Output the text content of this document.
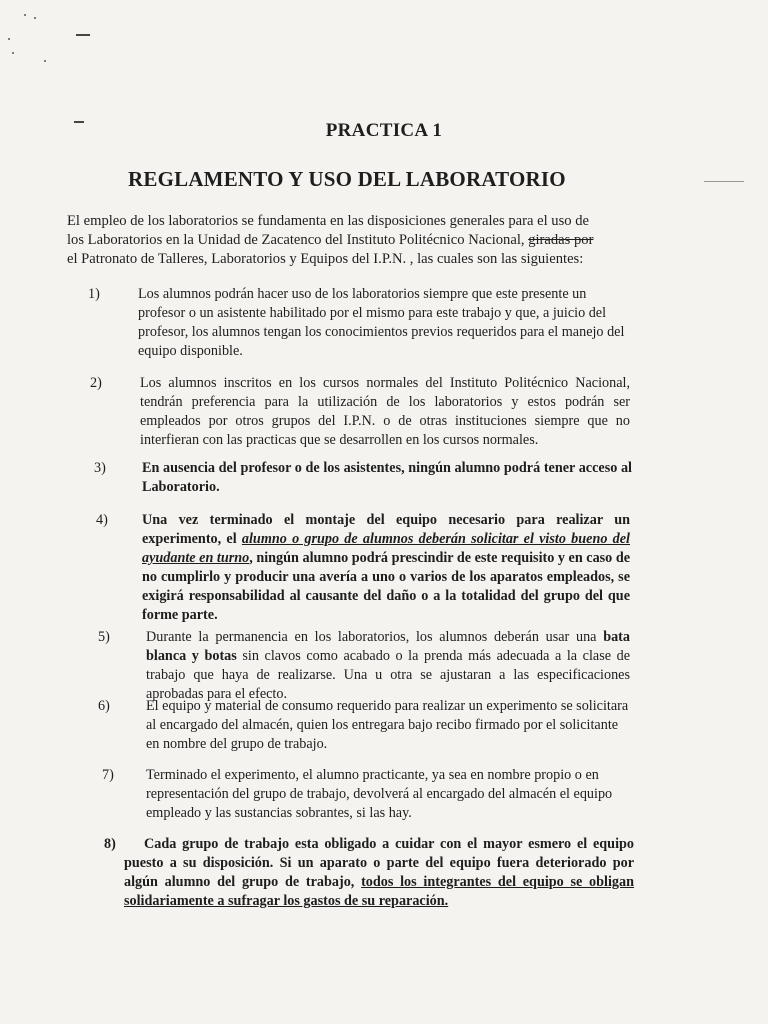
PRACTICA 1
REGLAMENTO Y USO DEL LABORATORIO

El empleo de los laboratorios se fundamenta en las disposiciones generales para el uso de
los Laboratorios en la Unidad de Zacatenco del Instituto Politécnico Nacional, giradas por
el Patronato de Talleres, Laboratorios y Equipos del I.P.N. , las cuales son las siguientes:

1)	Los alumnos podrán hacer uso de los laboratorios siempre que este presente un profesor o un asistente habilitado por el mismo para este trabajo y que, a juicio del profesor, los alumnos tengan los conocimientos previos requeridos para el manejo del equipo disponible.
2)	Los alumnos inscritos en los cursos normales del Instituto Politécnico Nacional, tendrán preferencia para la utilización de los laboratorios y estos podrán ser empleados por otros grupos del I.P.N. o de otras instituciones siempre que no interfieran con las practicas que se desarrollen en los cursos normales.
3)	En ausencia del profesor o de los asistentes, ningún alumno podrá tener acceso al Laboratorio.
4) Una vez terminado el montaje del equipo necesario para realizar un experimento, el alumno o grupo de alumnos deberán solicitar el visto bueno del ayudante en turno, ningún alumno podrá prescindir de este requisito y en caso de no cumplirlo y producir una avería a uno o varios de los aparatos empleados, se exigirá responsabilidad al causante del daño o a la totalidad del grupo del que forme parte.
5)	Durante la permanencia en los laboratorios, los alumnos deberán usar una bata blanca y botas sin clavos como acabado o la prenda más adecuada a la clase de trabajo que haya de realizarse. Una u otra se ajustaran a las especificaciones aprobadas para el efecto.
6)	El equipo y material de consumo requerido para realizar un experimento se solicitara al encargado del almacén, quien los entregara bajo recibo firmado por el solicitante en nombre del grupo de trabajo.
7) Terminado el experimento, el alumno practicante, ya sea en nombre propio o en representación del grupo de trabajo, devolverá al encargado del almacén el equipo empleado y las sustancias sobrantes, si las hay.
8)	Cada grupo de trabajo esta obligado a cuidar con el mayor esmero el equipo puesto a su disposición. Si un aparato o parte del equipo fuera deteriorado por algún alumno del grupo de trabajo, todos los integrantes del equipo se obligan solidariamente a sufragar los gastos de su reparación.
